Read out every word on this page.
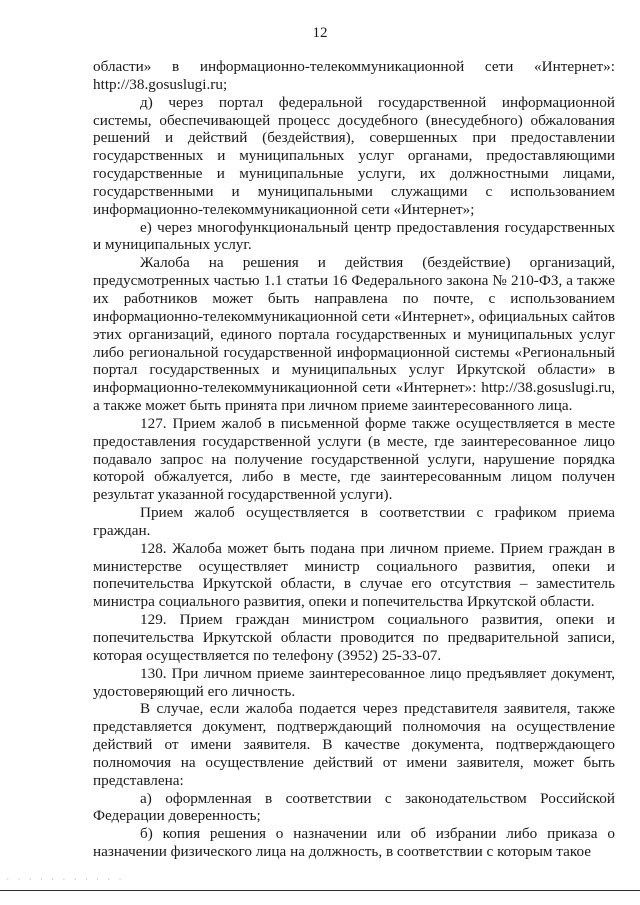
12

области» в информационно-телекоммуникационной сети «Интернет»: http://38.gosuslugi.ru;

д) через портал федеральной государственной информационной системы, обеспечивающей процесс досудебного (внесудебного) обжалования решений и действий (бездействия), совершенных при предоставлении государственных и муниципальных услуг органами, предоставляющими государственные и муниципальные услуги, их должностными лицами, государственными и муниципальными служащими с использованием информационно-телекоммуникационной сети «Интернет»;

е) через многофункциональный центр предоставления государственных и муниципальных услуг.

Жалоба на решения и действия (бездействие) организаций, предусмотренных частью 1.1 статьи 16 Федерального закона № 210-ФЗ, а также их работников может быть направлена по почте, с использованием информационно-телекоммуникационной сети «Интернет», официальных сайтов этих организаций, единого портала государственных и муниципальных услуг либо региональной государственной информационной системы «Региональный портал государственных и муниципальных услуг Иркутской области» в информационно-телекоммуникационной сети «Интернет»: http://38.gosuslugi.ru, а также может быть принята при личном приеме заинтересованного лица.

127. Прием жалоб в письменной форме также осуществляется в месте предоставления государственной услуги (в месте, где заинтересованное лицо подавало запрос на получение государственной услуги, нарушение порядка которой обжалуется, либо в месте, где заинтересованным лицом получен результат указанной государственной услуги).

Прием жалоб осуществляется в соответствии с графиком приема граждан.

128. Жалоба может быть подана при личном приеме. Прием граждан в министерстве осуществляет министр социального развития, опеки и попечительства Иркутской области, в случае его отсутствия – заместитель министра социального развития, опеки и попечительства Иркутской области.

129. Прием граждан министром социального развития, опеки и попечительства Иркутской области проводится по предварительной записи, которая осуществляется по телефону (3952) 25-33-07.

130. При личном приеме заинтересованное лицо предъявляет документ, удостоверяющий его личность.

В случае, если жалоба подается через представителя заявителя, также представляется документ, подтверждающий полномочия на осуществление действий от имени заявителя. В качестве документа, подтверждающего полномочия на осуществление действий от имени заявителя, может быть представлена:

а) оформленная в соответствии с законодательством Российской Федерации доверенность;

б) копия решения о назначении или об избрании либо приказа о назначении физического лица на должность, в соответствии с которым такое

· · · · · · · · · · ·
